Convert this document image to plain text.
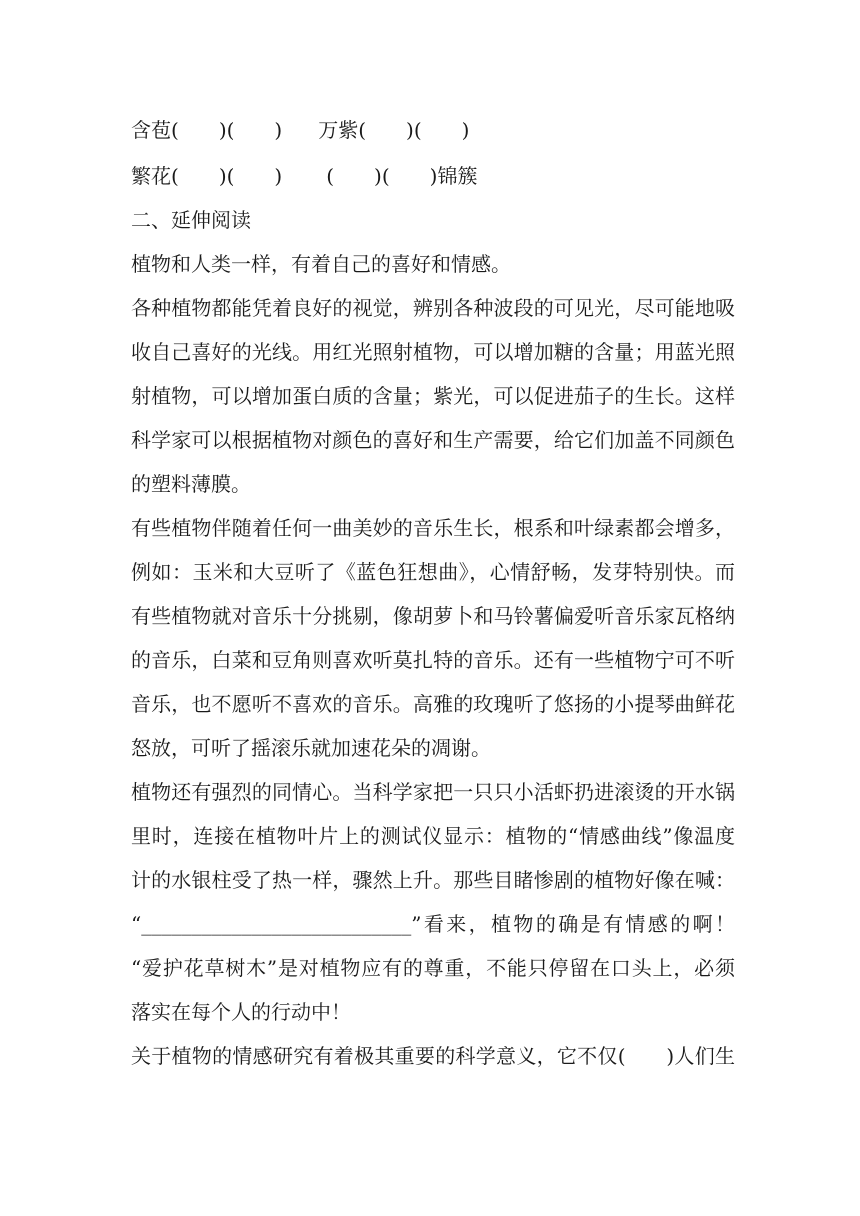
含苞( )( ) 万紫( )( )
繁花( )( ) ( )( )锦簇
二、延伸阅读
植物和人类一样，有着自己的喜好和情感。
各种植物都能凭着良好的视觉，辨别各种波段的可见光，尽可能地吸
收自己喜好的光线。用红光照射植物，可以增加糖的含量；用蓝光照
射植物，可以增加蛋白质的含量；紫光，可以促进茄子的生长。这样
科学家可以根据植物对颜色的喜好和生产需要，给它们加盖不同颜色
的塑料薄膜。
有些植物伴随着任何一曲美妙的音乐生长，根系和叶绿素都会增多，
例如：玉米和大豆听了《蓝色狂想曲》，心情舒畅，发芽特别快。而
有些植物就对音乐十分挑剔，像胡萝卜和马铃薯偏爱听音乐家瓦格纳
的音乐，白菜和豆角则喜欢听莫扎特的音乐。还有一些植物宁可不听
音乐，也不愿听不喜欢的音乐。高雅的玫瑰听了悠扬的小提琴曲鲜花
怒放，可听了摇滚乐就加速花朵的凋谢。
植物还有强烈的同情心。当科学家把一只只小活虾扔进滚烫的开水锅
里时，连接在植物叶片上的测试仪显示：植物的“情感曲线”像温度
计的水银柱受了热一样，骤然上升。那些目睹惨剧的植物好像在喊：
“___________________________”看来，植物的确是有情感的啊！
“爱护花草树木”是对植物应有的尊重，不能只停留在口头上，必须
落实在每个人的行动中！
关于植物的情感研究有着极其重要的科学意义，它不仅(　　)人们生
